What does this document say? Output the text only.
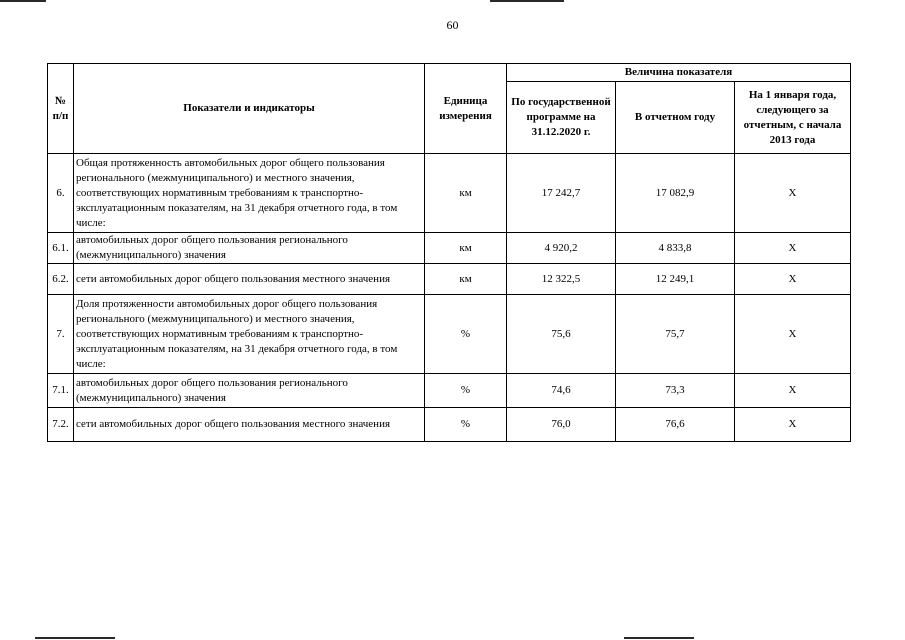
60
№ п/п	Показатели и индикаторы	Единица измерения	Величина показателя		
			По государственной программе на 31.12.2020 г.	В отчетном году	На 1 января года, следующего за отчетным, с начала 2013 года
6.	Общая протяженность автомобильных дорог общего пользования регионального (межмуниципального) и местного значения, соответствующих нормативным требованиям к транспортно-эксплуатационным показателям, на 31 декабря отчетного года, в том числе:	км	17 242,7	17 082,9	X
6.1.	автомобильных дорог общего пользования регионального (межмуниципального) значения	км	4 920,2	4 833,8	X
6.2.	сети автомобильных дорог общего пользования местного значения	км	12 322,5	12 249,1	X
7.	Доля протяженности автомобильных дорог общего пользования регионального (межмуниципального) и местного значения, соответствующих нормативным требованиям к транспортно-эксплуатационным показателям, на 31 декабря отчетного года, в том числе:	%	75,6	75,7	X
7.1.	автомобильных дорог общего пользования регионального (межмуниципального) значения	%	74,6	73,3	X
7.2.	сети автомобильных дорог общего пользования местного значения	%	76,0	76,6	X
